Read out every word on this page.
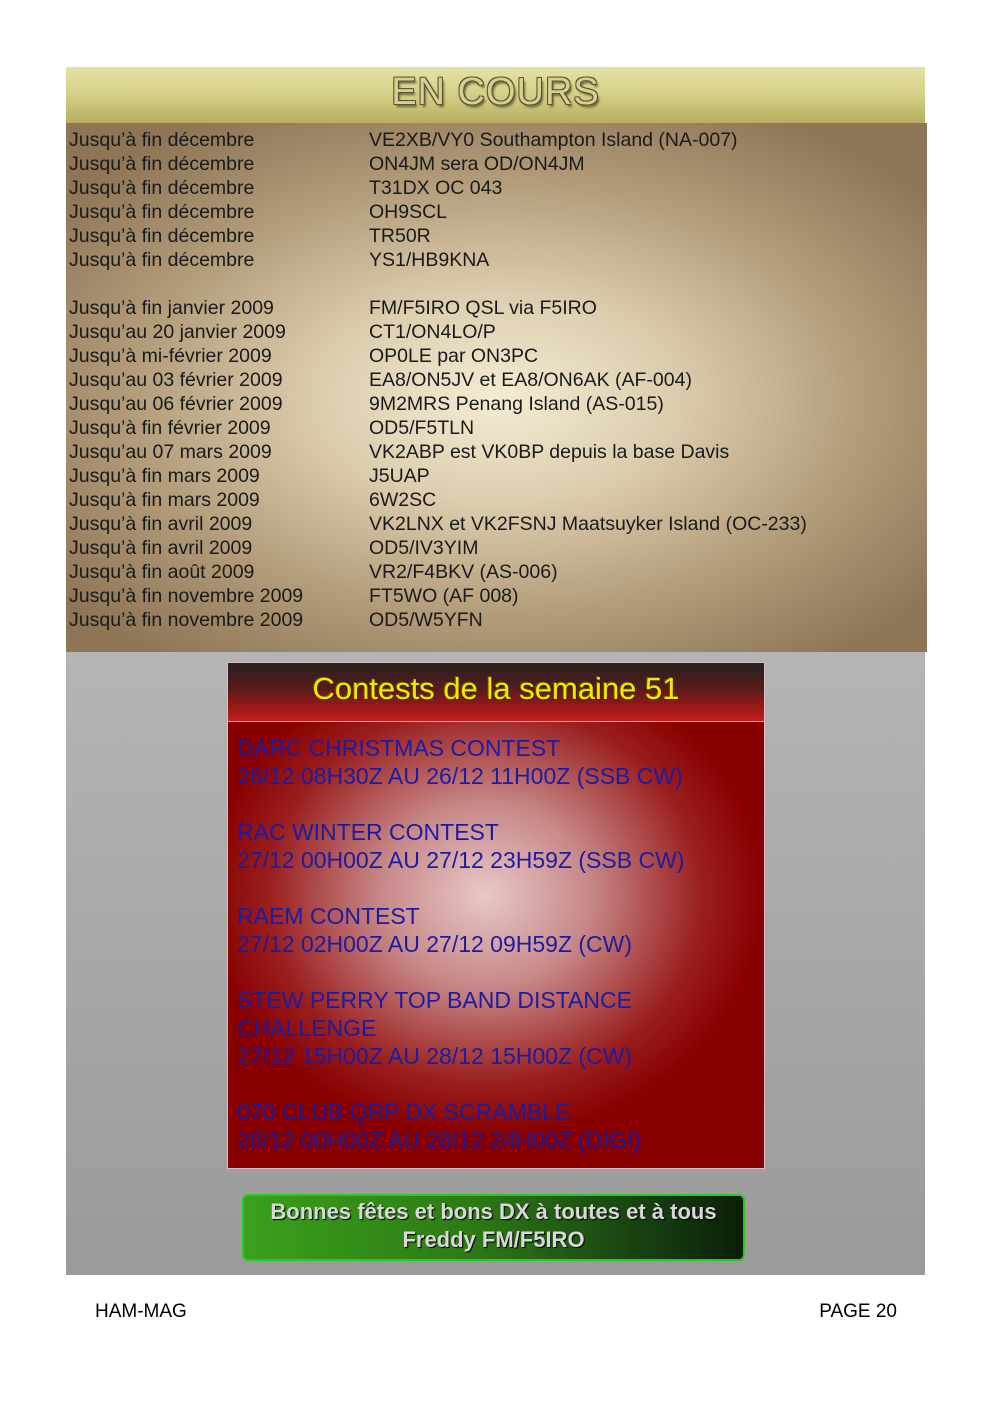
EN COURS
Jusqu’à fin décembre	VE2XB/VY0 Southampton Island (NA-007)
Jusqu’à fin décembre	ON4JM sera OD/ON4JM
Jusqu’à fin décembre	T31DX OC 043
Jusqu’à fin décembre	OH9SCL
Jusqu’à fin décembre	TR50R
Jusqu’à fin décembre	YS1/HB9KNA
Jusqu’à fin janvier 2009	FM/F5IRO QSL via F5IRO
Jusqu’au 20 janvier 2009	CT1/ON4LO/P
Jusqu’à mi-février 2009	OP0LE par ON3PC
Jusqu’au 03 février 2009	EA8/ON5JV et EA8/ON6AK (AF-004)
Jusqu’au 06 février 2009	9M2MRS Penang Island (AS-015)
Jusqu’à fin février 2009	OD5/F5TLN
Jusqu’au 07 mars 2009	VK2ABP est VK0BP depuis la base Davis
Jusqu’à fin mars 2009	J5UAP
Jusqu’à fin mars 2009	6W2SC
Jusqu’à fin avril 2009	VK2LNX et VK2FSNJ Maatsuyker Island (OC-233)
Jusqu’à fin avril 2009	OD5/IV3YIM
Jusqu’à fin août 2009	VR2/F4BKV (AS-006)
Jusqu’à fin novembre 2009	FT5WO (AF 008)
Jusqu’à fin novembre 2009	OD5/W5YFN
Contests de la semaine 51
DARC CHRISTMAS CONTEST
26/12 08H30Z AU 26/12 11H00Z (SSB CW)
RAC WINTER CONTEST
27/12 00H00Z AU 27/12 23H59Z (SSB CW)
RAEM CONTEST
27/12 02H00Z AU 27/12 09H59Z (CW)
STEW PERRY TOP BAND DISTANCE
CHALLENGE
27/12 15H00Z AU 28/12 15H00Z (CW)
070 CLUB QRP DX SCRAMBLE
28/12 00H00Z AU 28/12 24H00Z (DIGI)
Bonnes fêtes et bons DX à toutes et à tous
Freddy FM/F5IRO
HAM-MAG	PAGE 20
